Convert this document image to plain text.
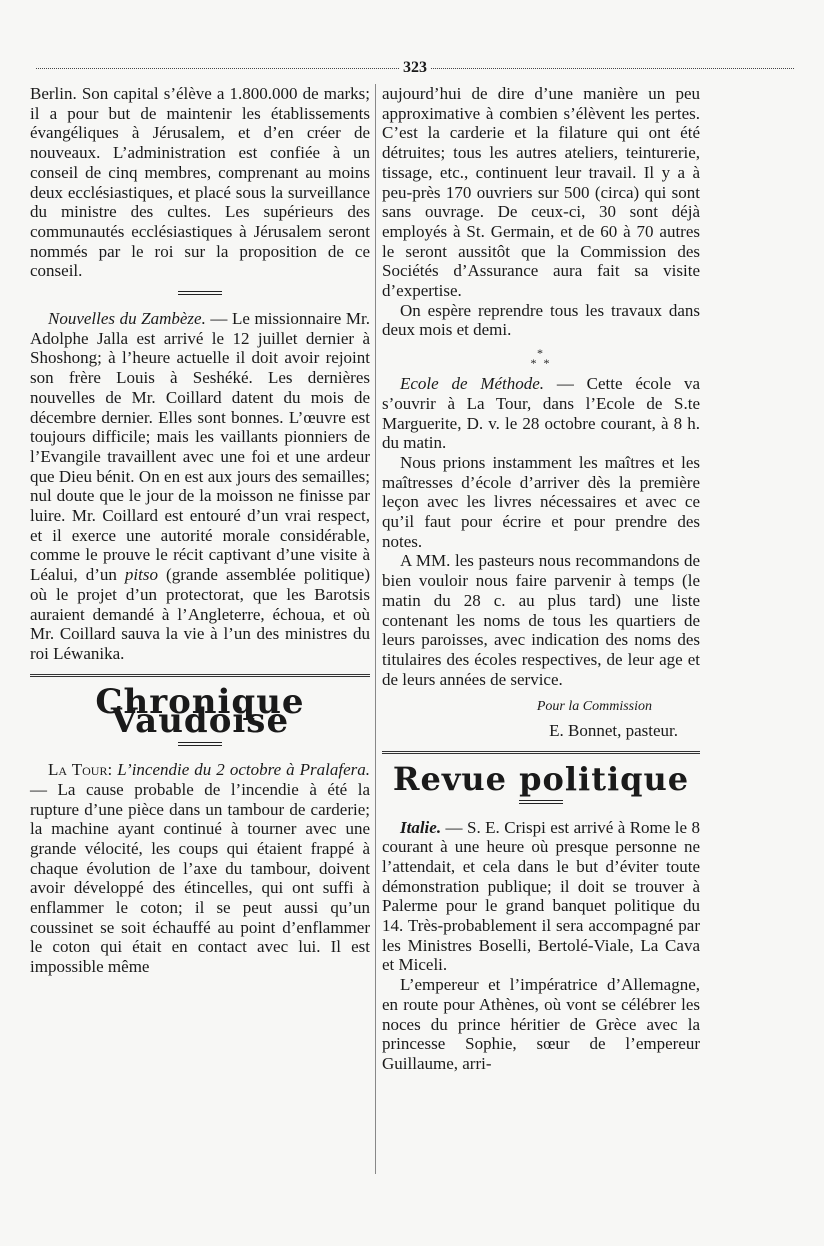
323

Berlin. Son capital s’élève a 1.800.000 de marks; il a pour but de maintenir les établissements évangéliques à Jérusalem, et d’en créer de nouveaux. L’administration est confiée à un conseil de cinq membres, comprenant au moins deux ecclésiastiques, et placé sous la surveillance du ministre des cultes. Les supérieurs des communautés ecclésiastiques à Jérusalem seront nommés par le roi sur la proposition de ce conseil.

Nouvelles du Zambèze. — Le missionnaire Mr. Adolphe Jalla est arrivé le 12 juillet dernier à Shoshong; à l’heure actuelle il doit avoir rejoint son frère Louis à Seshéké. Les dernières nouvelles de Mr. Coillard datent du mois de décembre dernier. Elles sont bonnes. L’œuvre est toujours difficile; mais les vaillants pionniers de l’Evangile travaillent avec une foi et une ardeur que Dieu bénit. On en est aux jours des semailles; nul doute que le jour de la moisson ne finisse par luire. Mr. Coillard est entouré d’un vrai respect, et il exerce une autorité morale considérable, comme le prouve le récit captivant d’une visite à Léalui, d’un pitso (grande assemblée politique) où le projet d’un protectorat, que les Barotsis auraient demandé à l’Angleterre, échoua, et où Mr. Coillard sauva la vie à l’un des ministres du roi Léwanika.

Chronique Vaudoise

La Tour: L’incendie du 2 octobre à Pralafera. — La cause probable de l’incendie à été la rupture d’une pièce dans un tambour de carderie; la machine ayant continué à tourner avec une grande vélocité, les coups qui étaient frappé à chaque évolution de l’axe du tambour, doivent avoir développé des étincelles, qui ont suffi à enflammer le coton; il se peut aussi qu’un coussinet se soit échauffé au point d’enflammer le coton qui était en contact avec lui. Il est impossible même

aujourd’hui de dire d’une manière un peu approximative à combien s’élèvent les pertes. C’est la carderie et la filature qui ont été détruites; tous les autres ateliers, teinturerie, tissage, etc., continuent leur travail. Il y a à peu-près 170 ouvriers sur 500 (circa) qui sont sans ouvrage. De ceux-ci, 30 sont déjà employés à St. Germain, et de 60 à 70 autres le seront aussitôt que la Commission des Sociétés d’Assurance aura fait sa visite d’expertise.

On espère reprendre tous les travaux dans deux mois et demi.

*
* *

Ecole de Méthode. — Cette école va s’ouvrir à La Tour, dans l’Ecole de S.te Marguerite, D. v. le 28 octobre courant, à 8 h. du matin.

Nous prions instamment les maîtres et les maîtresses d’école d’arriver dès la première leçon avec les livres nécessaires et avec ce qu’il faut pour écrire et pour prendre des notes.

A MM. les pasteurs nous recommandons de bien vouloir nous faire parvenir à temps (le matin du 28 c. au plus tard) une liste contenant les noms de tous les quartiers de leurs paroisses, avec indication des noms des titulaires des écoles respectives, de leur age et de leurs années de service.

Pour la Commission
E. Bonnet, pasteur.
Revue politique

Italie. — S. E. Crispi est arrivé à Rome le 8 courant à une heure où presque personne ne l’attendait, et cela dans le but d’éviter toute démonstration publique; il doit se trouver à Palerme pour le grand banquet politique du 14. Très-probablement il sera accompagné par les Ministres Boselli, Bertolé-Viale, La Cava et Miceli.

L’empereur et l’impératrice d’Allemagne, en route pour Athènes, où vont se célébrer les noces du prince héritier de Grèce avec la princesse Sophie, sœur de l’empereur Guillaume, arri-
